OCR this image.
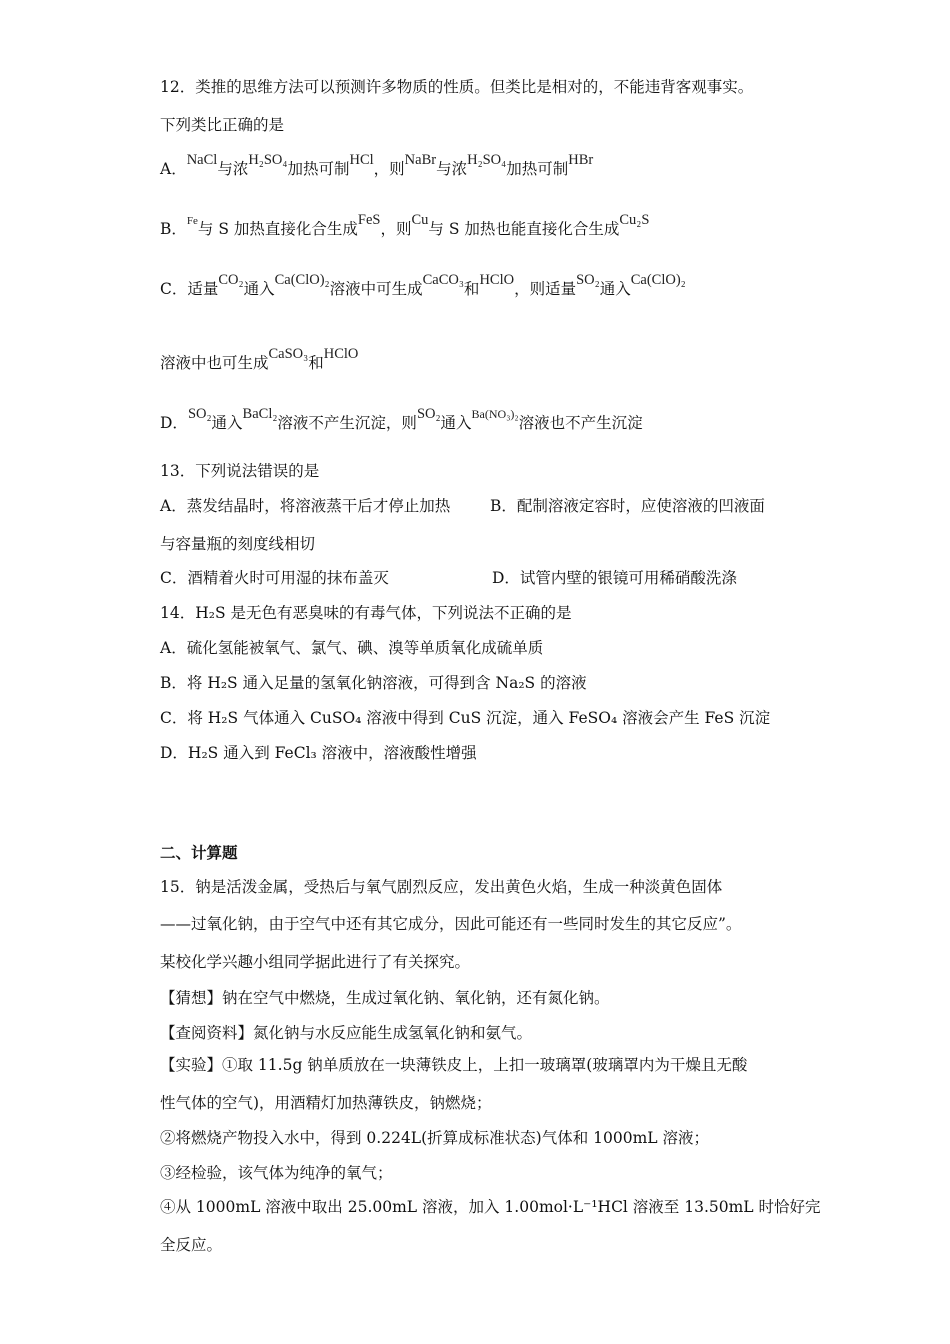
12．类推的思维方法可以预测许多物质的性质。但类比是相对的，不能违背客观事实。
下列类比正确的是
A．NaCl与浓H₂SO₄加热可制HCl，则NaBr与浓H₂SO₄加热可制HBr
B．$^{Fe}$与 S 加热直接化合生成FeS，则Cu与 S 加热也能直接化合生成Cu₂S
C．适量CO₂通入Ca(ClO)₂溶液中可生成CaCO₃和HClO，则适量SO₂通入Ca(ClO)₂
溶液中也可生成CaSO₃和HClO
D．SO₂通入BaCl₂溶液不产生沉淀，则SO₂通入$^{Ba(NO_3)_2}$溶液也不产生沉淀
13．下列说法错误的是
A．蒸发结晶时，将溶液蒸干后才停止加热	B．配制溶液定容时，应使溶液的凹液面
与容量瓶的刻度线相切
C．酒精着火时可用湿的抹布盖灭	D．试管内壁的银镜可用稀硝酸洗涤
14．H₂S 是无色有恶臭味的有毒气体，下列说法不正确的是
A．硫化氢能被氧气、氯气、碘、溴等单质氧化成硫单质
B．将 H₂S 通入足量的氢氧化钠溶液，可得到含 Na₂S 的溶液
C．将 H₂S 气体通入 CuSO₄ 溶液中得到 CuS 沉淀，通入 FeSO₄ 溶液会产生 FeS 沉淀
D．H₂S 通入到 FeCl₃ 溶液中，溶液酸性增强
二、计算题
15．钠是活泼金属，受热后与氧气剧烈反应，发出黄色火焰，生成一种淡黄色固体
——过氧化钠，由于空气中还有其它成分，因此可能还有一些同时发生的其它反应”。
某校化学兴趣小组同学据此进行了有关探究。
【猜想】钠在空气中燃烧，生成过氧化钠、氧化钠，还有氮化钠。
【查阅资料】氮化钠与水反应能生成氢氧化钠和氨气。
【实验】①取 11.5g 钠单质放在一块薄铁皮上，上扣一玻璃罩(玻璃罩内为干燥且无酸
性气体的空气)，用酒精灯加热薄铁皮，钠燃烧；
②将燃烧产物投入水中，得到 0.224L(折算成标准状态)气体和 1000mL 溶液；
③经检验，该气体为纯净的氧气；
④从 1000mL 溶液中取出 25.00mL 溶液，加入 1.00mol·L⁻¹HCl 溶液至 13.50mL 时恰好完
全反应。
